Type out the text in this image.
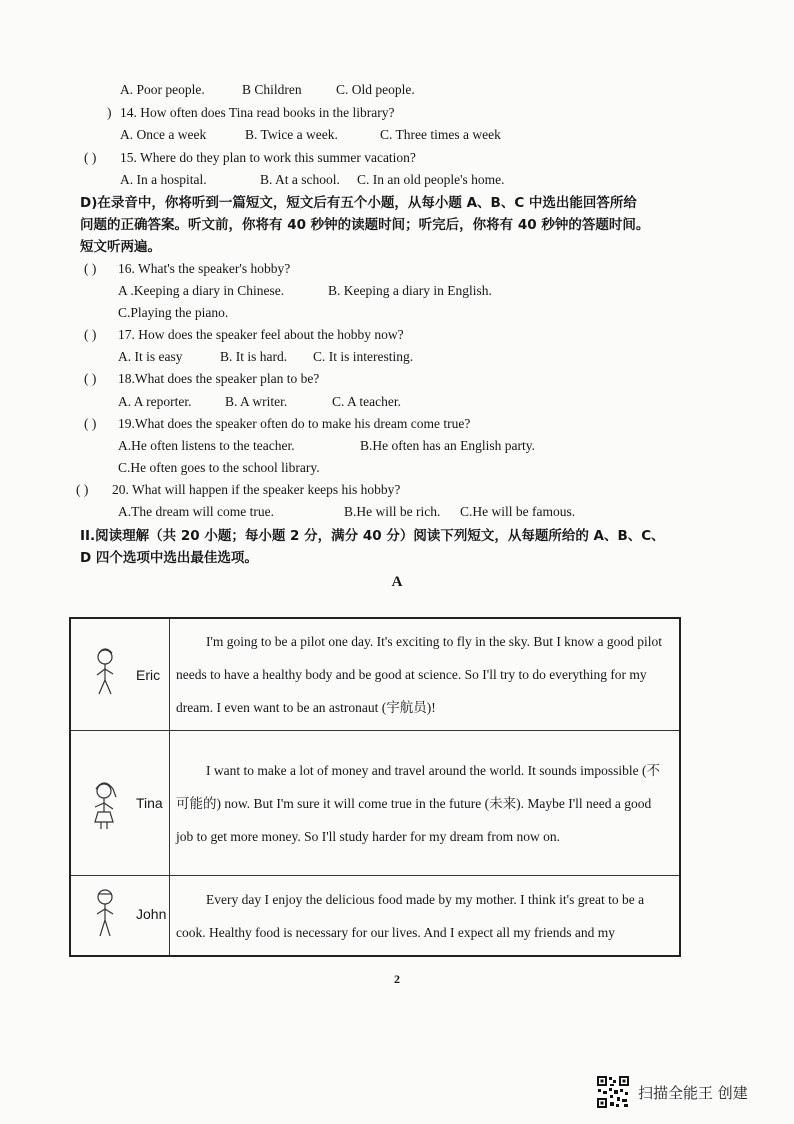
A. Poor people.	B Children	C. Old people.
) 14. How often does Tina read books in the library?
A. Once a week	B. Twice a week.	C. Three times a week
( ) 15. Where do they plan to work this summer vacation?
A. In a hospital.	B. At a school. C. In an old people's home.
D)在录音中，你将听到一篇短文，短文后有五个小题，从每小题 A、B、C 中选出能回答所给
问题的正确答案。听文前，你将有 40 秒钟的读题时间；听完后，你将有 40 秒钟的答题时间。
短文听两遍。
( ) 16. What's the speaker's hobby?
A .Keeping a diary in Chinese.	B. Keeping a diary in English.
C.Playing the piano.
( ) 17. How does the speaker feel about the hobby now?
A. It is easy	B. It is hard. C. It is interesting.
( ) 18.What does the speaker plan to be?
A. A reporter. B. A writer.	C. A teacher.
( ) 19.What does the speaker often do to make his dream come true?
A.He often listens to the teacher.	B.He often has an English party.
C.He often goes to the school library.
( ) 20. What will happen if the speaker keeps his hobby?
A.The dream will come true.	B.He will be rich. C.He will be famous.
II.阅读理解（共 20 小题；每小题 2 分，满分 40 分）阅读下列短文，从每题所给的 A、B、C、
D 四个选项中选出最佳选项。
A
Eric	I'm going to be a pilot one day. It's exciting to fly in the sky. But I know a good pilot needs to have a healthy body and be good at science. So I'll try to do everything for my dream. I even want to be an astronaut (宇航员)!

Tina	I want to make a lot of money and travel around the world. It sounds impossible (不可能的) now. But I'm sure it will come true in the future (未来). Maybe I'll need a good job to get more money. So I'll study harder for my dream from now on.

John	Every day I enjoy the delicious food made by my mother. I think it's great to be a cook. Healthy food is necessary for our lives. And I expect all my friends and my

2
扫描全能王 创建
